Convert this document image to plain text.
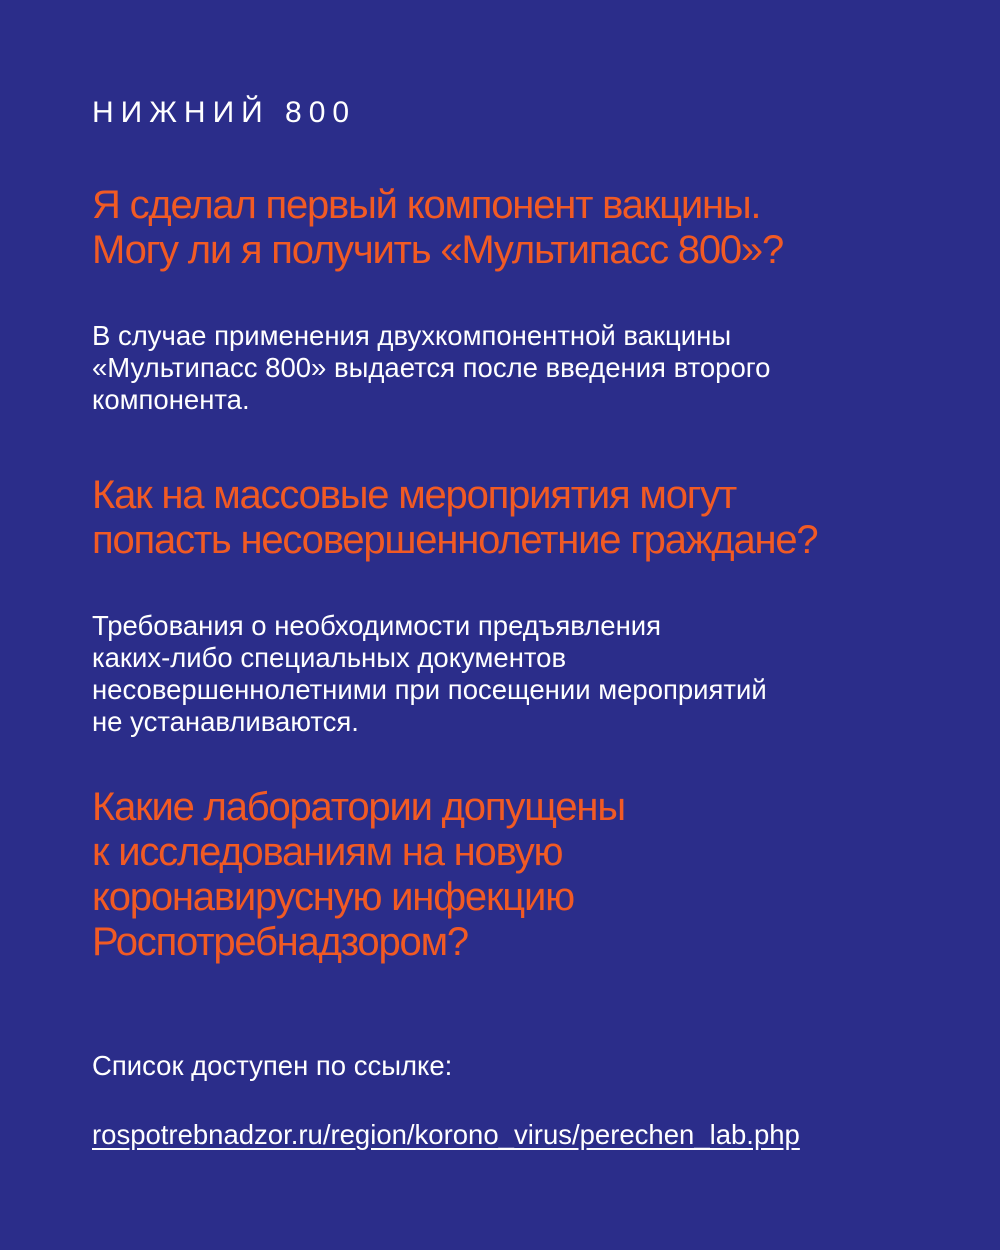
НИЖНИЙ 800
Я сделал первый компонент вакцины.
Могу ли я получить «Мультипасс 800»?

В случае применения двухкомпонентной вакцины
«Мультипасс 800» выдается после введения второго
компонента.

Как на массовые мероприятия могут
попасть несовершеннолетние граждане?

Требования о необходимости предъявления
каких-либо специальных документов
несовершеннолетними при посещении мероприятий
не устанавливаются.

Какие лаборатории допущены
к исследованиям на новую
коронавирусную инфекцию
Роспотребнадзором?

Список доступен по ссылке:

rospotrebnadzor.ru/region/korono_virus/perechen_lab.php
